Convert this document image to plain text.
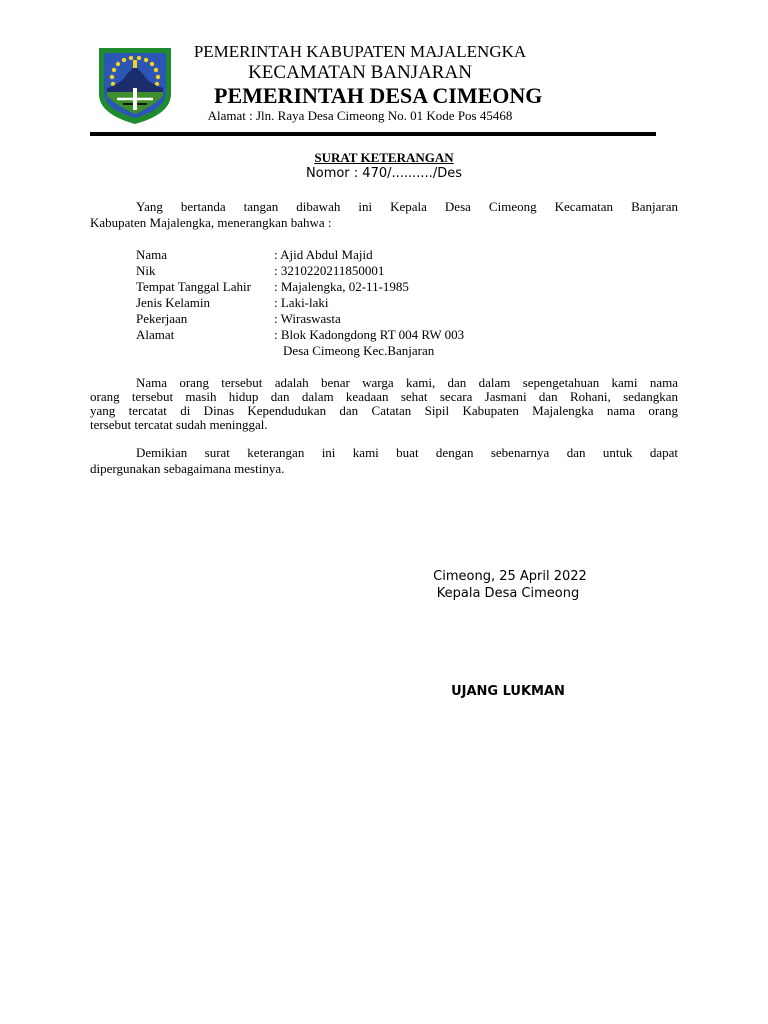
PEMERINTAH KABUPATEN MAJALENGKA
KECAMATAN BANJARAN
PEMERINTAH DESA CIMEONG
Alamat : Jln. Raya Desa Cimeong No. 01 Kode Pos 45468
SURAT KETERANGAN
Nomor : 470/........../Des
Yang bertanda tangan dibawah ini Kepala Desa Cimeong Kecamatan Banjaran
Kabupaten Majalengka, menerangkan bahwa :
Nama	: Ajid Abdul Majid
Nik	: 3210220211850001
Tempat Tanggal Lahir : Majalengka, 02-11-1985
Jenis Kelamin	: Laki-laki
Pekerjaan	: Wiraswasta
Alamat	: Blok Kadongdong RT 004 RW 003
Desa Cimeong Kec.Banjaran
Nama orang tersebut adalah benar warga kami, dan dalam sepengetahuan kami nama
orang tersebut masih hidup dan dalam keadaan sehat secara Jasmani dan Rohani, sedangkan
yang tercatat di Dinas Kependudukan dan Catatan Sipil Kabupaten Majalengka nama orang
tersebut tercatat sudah meninggal.
Demikian surat keterangan ini kami buat dengan sebenarnya dan untuk dapat
dipergunakan sebagaimana mestinya.
Cimeong, 25 April 2022
Kepala Desa Cimeong
UJANG LUKMAN
